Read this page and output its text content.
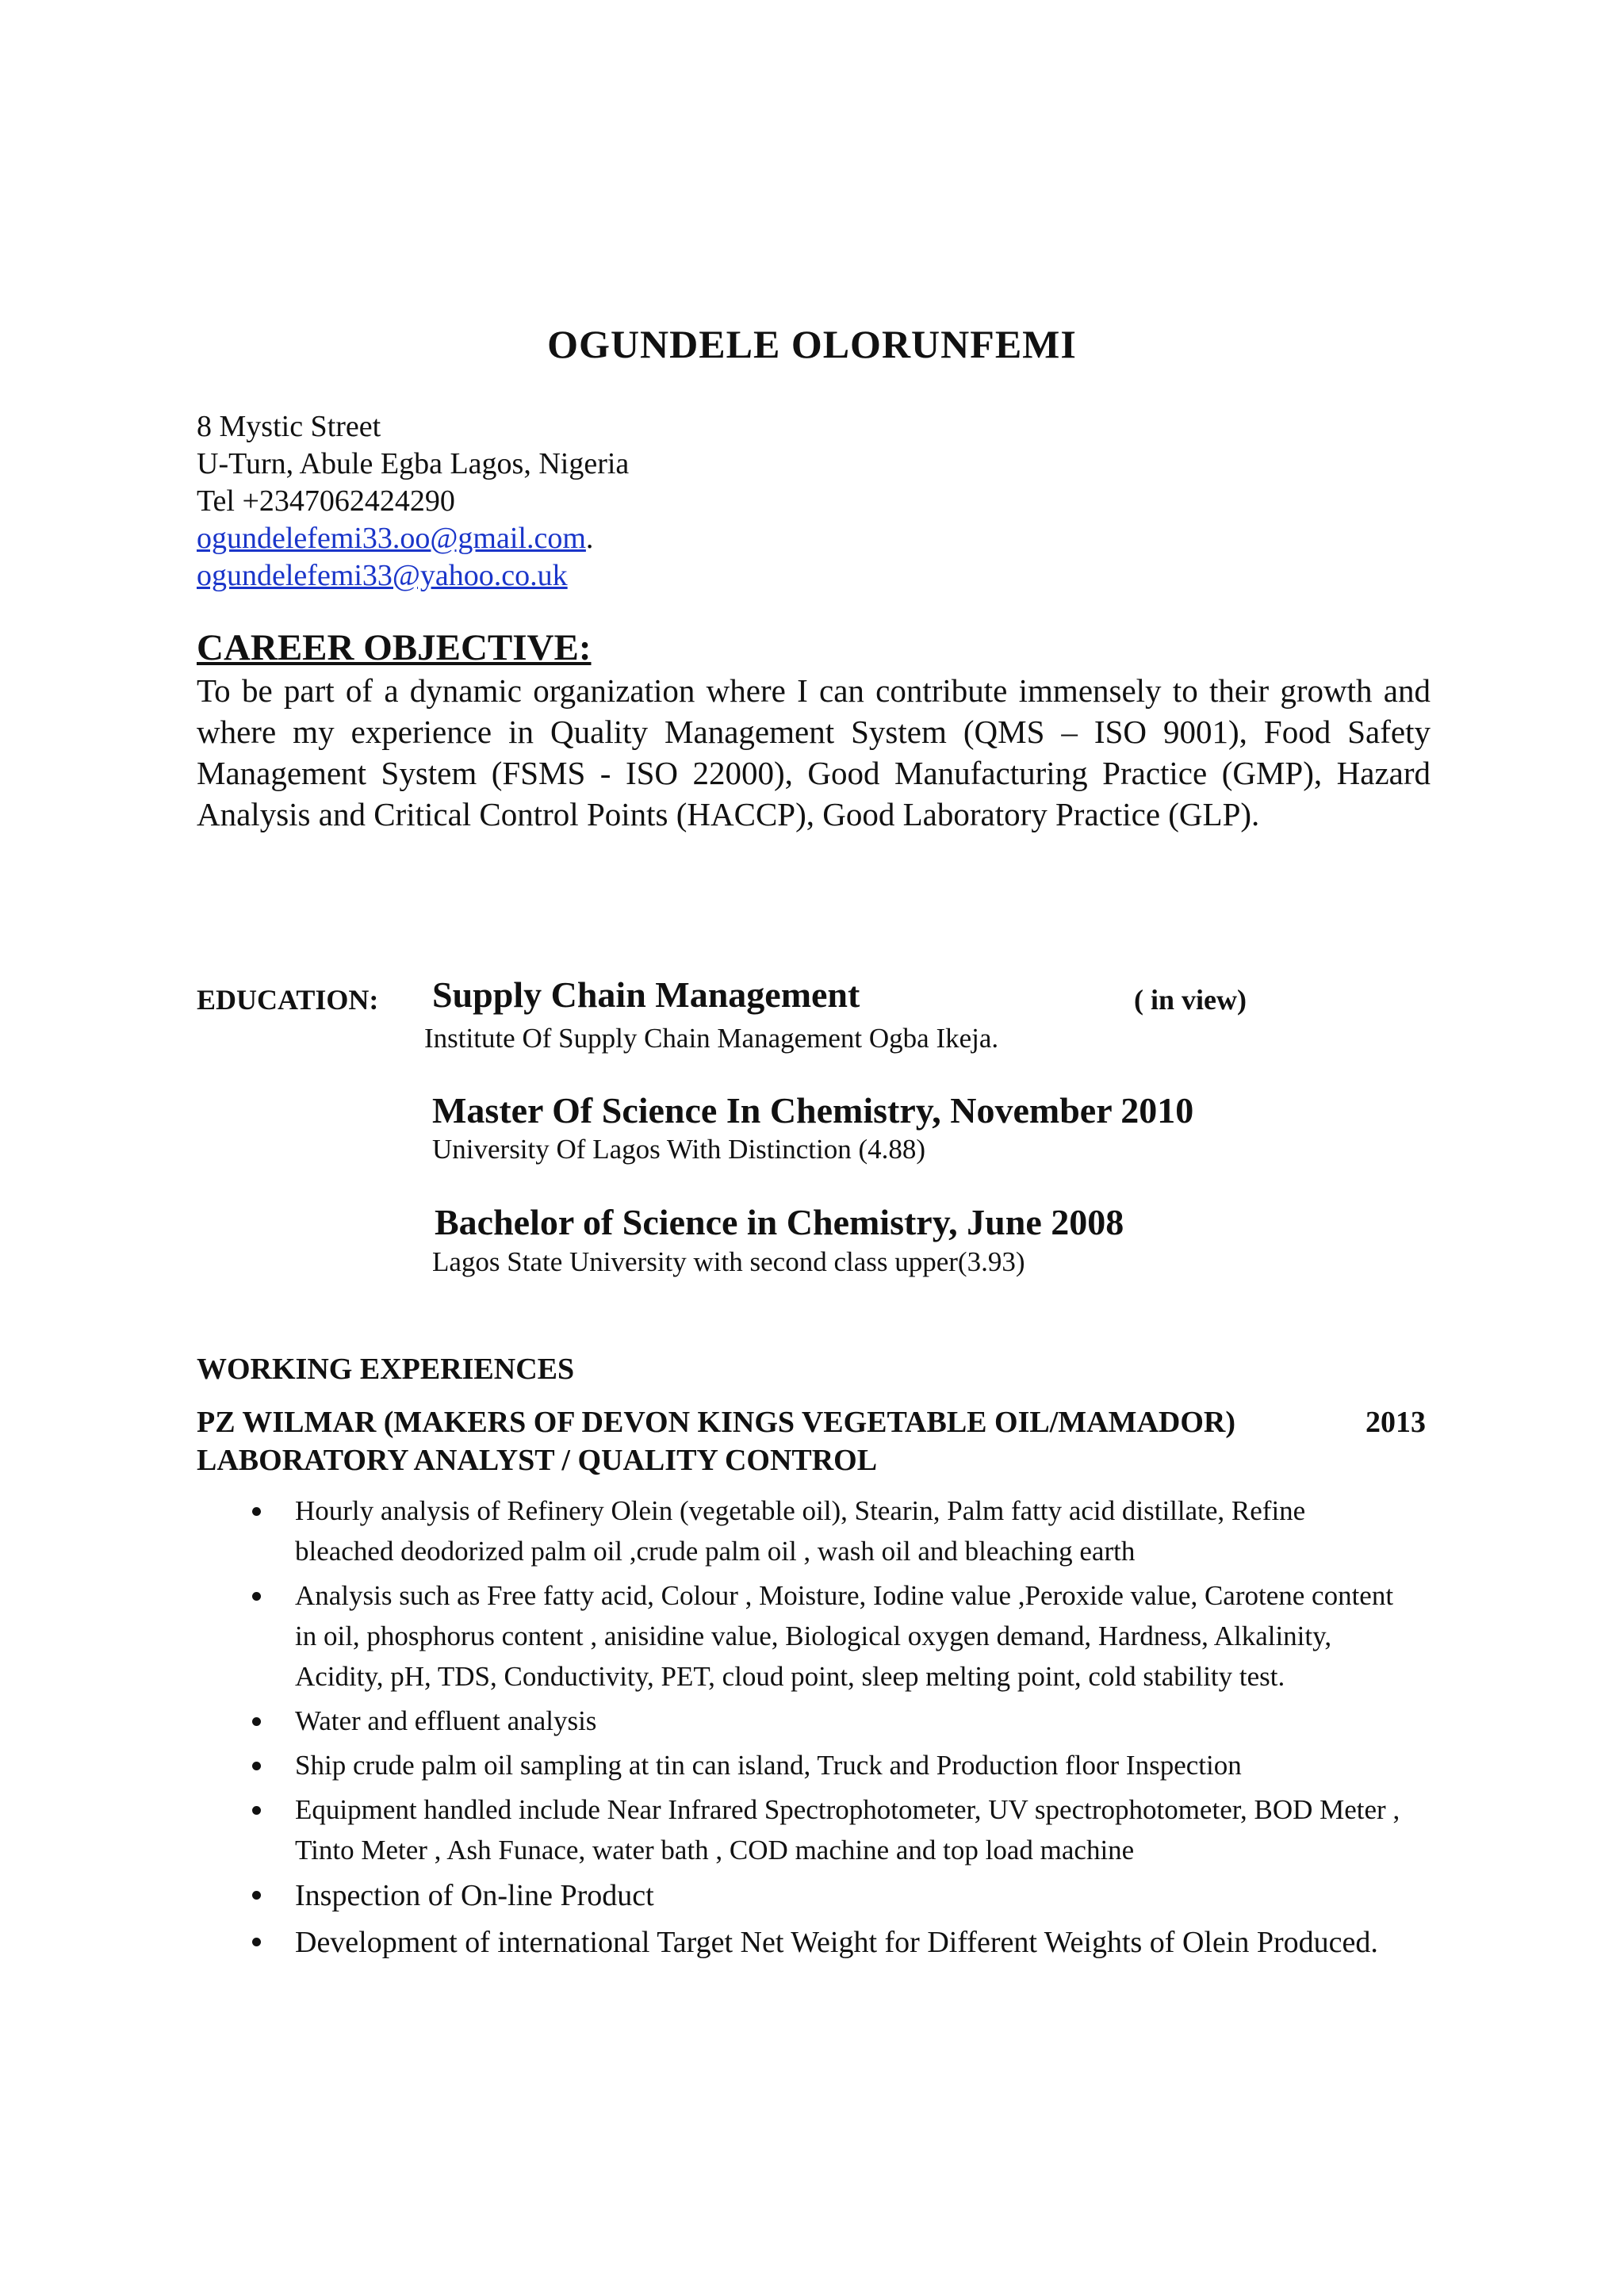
OGUNDELE OLORUNFEMI
8 Mystic Street
U-Turn, Abule Egba Lagos, Nigeria
Tel +2347062424290
ogundelefemi33.oo@gmail.com.
ogundelefemi33@yahoo.co.uk
CAREER OBJECTIVE:
To be part of a dynamic organization where I can contribute immensely to their growth and where my experience in Quality Management System (QMS – ISO 9001), Food Safety Management System (FSMS - ISO 22000), Good Manufacturing Practice (GMP), Hazard Analysis and Critical Control Points (HACCP), Good Laboratory Practice (GLP).
EDUCATION: Supply Chain Management	( in view)
Institute Of Supply Chain Management Ogba Ikeja.
Master Of Science In Chemistry, November 2010
University Of Lagos With Distinction (4.88)
Bachelor of Science in Chemistry, June 2008
Lagos State University with second class upper(3.93)
WORKING EXPERIENCES
PZ WILMAR (MAKERS OF DEVON KINGS VEGETABLE OIL/MAMADOR)	2013
LABORATORY ANALYST / QUALITY CONTROL
Hourly analysis of Refinery Olein (vegetable oil), Stearin, Palm fatty acid distillate, Refine bleached deodorized palm oil ,crude palm oil , wash oil and bleaching earth
Analysis such as Free fatty acid, Colour , Moisture, Iodine value ,Peroxide value, Carotene content in oil, phosphorus content , anisidine value, Biological oxygen demand, Hardness, Alkalinity, Acidity, pH, TDS, Conductivity, PET, cloud point, sleep melting point, cold stability test.
Water and effluent analysis
Ship crude palm oil sampling at tin can island, Truck and Production floor Inspection
Equipment handled include Near Infrared Spectrophotometer, UV spectrophotometer, BOD Meter , Tinto Meter , Ash Funace, water bath , COD machine and top load machine
Inspection of On-line Product
Development of international Target Net Weight for Different Weights of Olein Produced.
